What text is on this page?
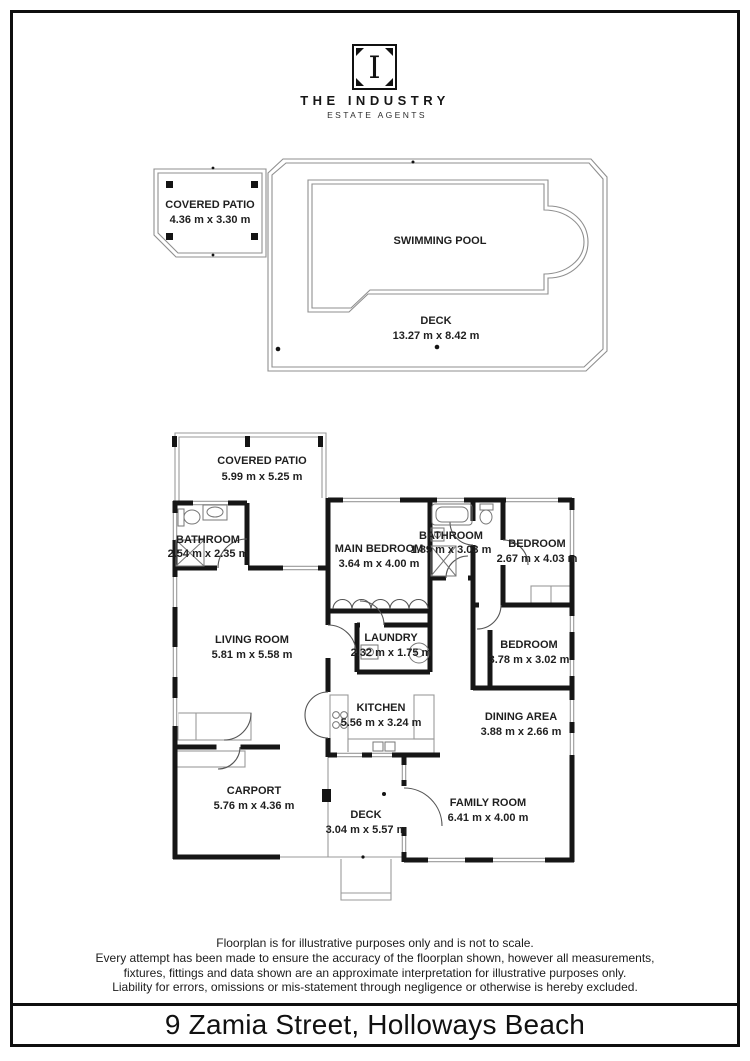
I
THE INDUSTRY
ESTATE AGENTS
COVERED PATIO
4.36 m x 3.30 m
SWIMMING POOL
DECK
13.27 m x 8.42 m
COVERED PATIO
5.99 m x 5.25 m
BATHROOM
2.54 m x 2.35 m	MAIN BEDROOM
3.64 m x 4.00 m
BATHROOM
1.89 m x 3.03 m BEDROOM
2.67 m x 4.03 m
LIVING ROOM
5.81 m x 5.58 m
LAUNDRY
2.32 m x 1.75 m
BEDROOM
3.78 m x 3.02 m
KITCHEN
5.56 m x 3.24 m	DINING AREA
3.88 m x 2.66 m
CARPORT
5.76 m x 4.36 m
DECK
3.04 m x 5.57 m
FAMILY ROOM
6.41 m x 4.00 m
Floorplan is for illustrative purposes only and is not to scale.
Every attempt has been made to ensure the accuracy of the floorplan shown, however all measurements,
fixtures, fittings and data shown are an approximate interpretation for illustrative purposes only.
Liability for errors, omissions or mis-statement through negligence or otherwise is hereby excluded.
9 Zamia Street, Holloways Beach
